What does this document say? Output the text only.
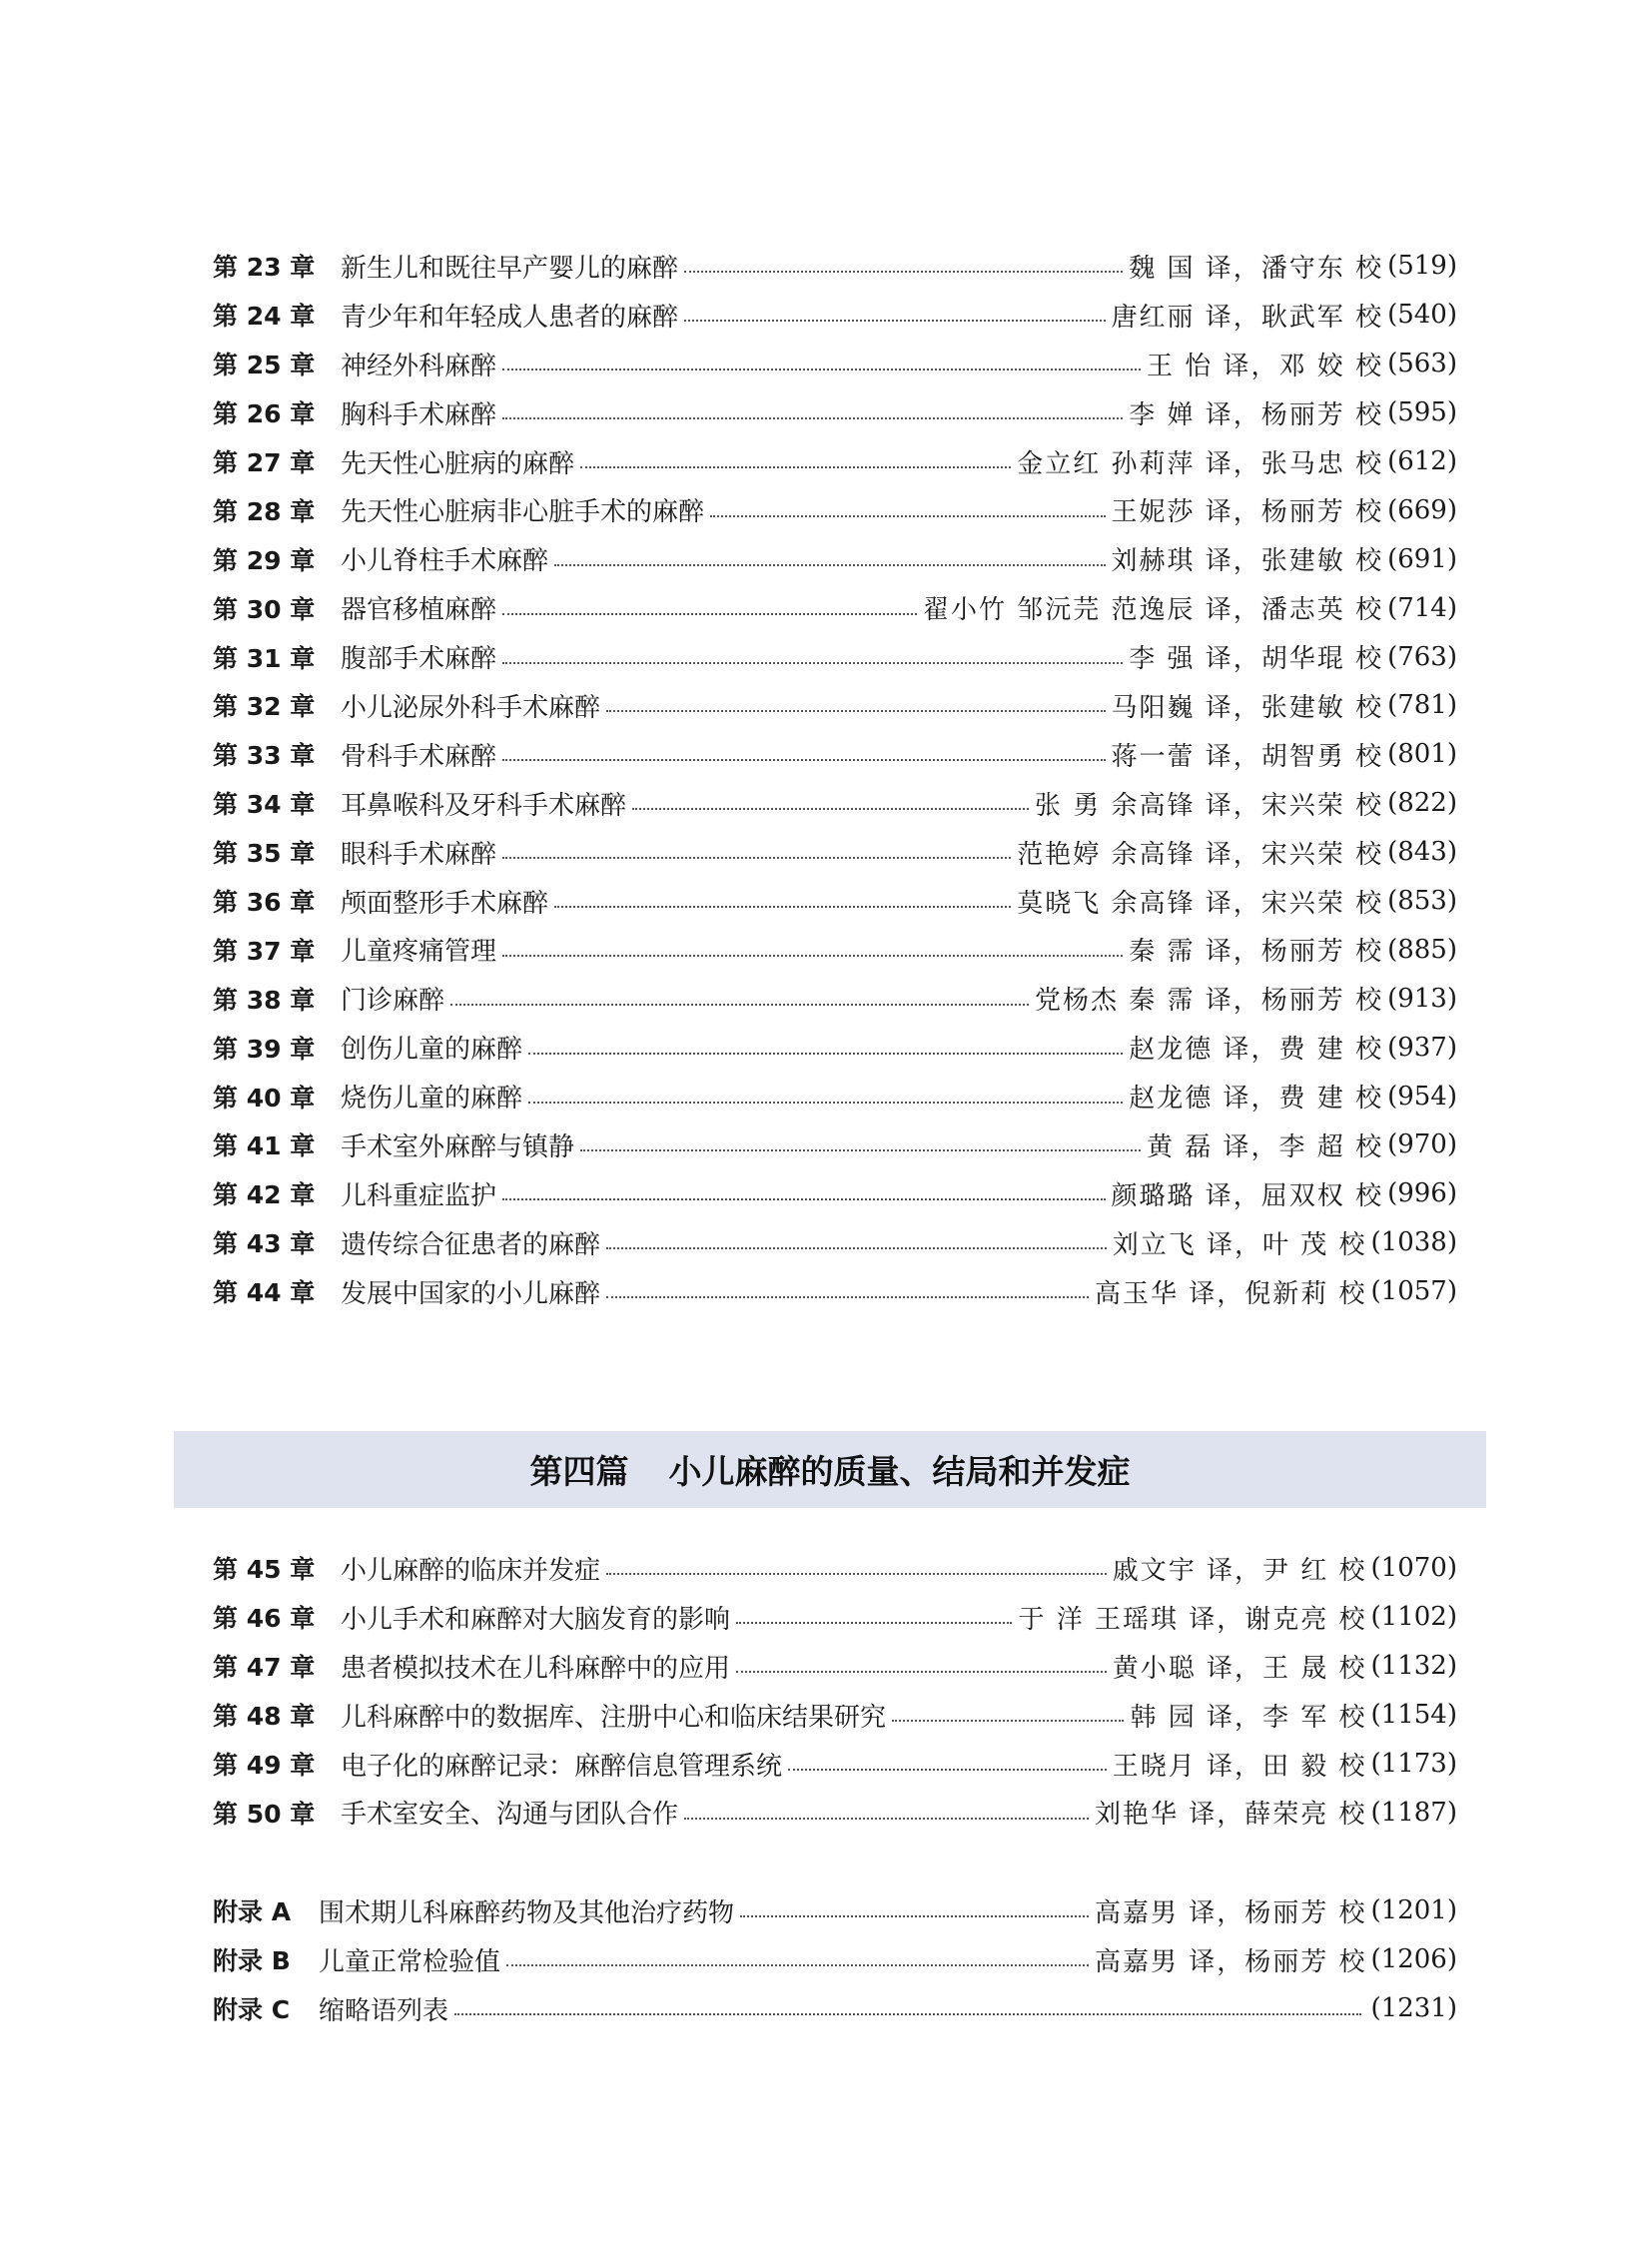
第 23 章 新生儿和既往早产婴儿的麻醉	魏 国 译，潘守东 校 (519)
第 24 章 青少年和年轻成人患者的麻醉	唐红丽 译，耿武军 校 (540)
第 25 章 神经外科麻醉	王 怡 译，邓 姣 校 (563)
第 26 章 胸科手术麻醉	李 婵 译，杨丽芳 校 (595)
第 27 章 先天性心脏病的麻醉	金立红 孙莉萍 译，张马忠 校 (612)
第 28 章 先天性心脏病非心脏手术的麻醉	王妮莎 译，杨丽芳 校 (669)
第 29 章 小儿脊柱手术麻醉	刘赫琪 译，张建敏 校 (691)
第 30 章 器官移植麻醉	翟小竹 邹沅芫 范逸辰 译，潘志英 校 (714)
第 31 章 腹部手术麻醉	李 强 译，胡华琨 校 (763)
第 32 章 小儿泌尿外科手术麻醉	马阳巍 译，张建敏 校 (781)
第 33 章 骨科手术麻醉	蒋一蕾 译，胡智勇 校 (801)
第 34 章 耳鼻喉科及牙科手术麻醉	张 勇 余高锋 译，宋兴荣 校 (822)
第 35 章 眼科手术麻醉	范艳婷 余高锋 译，宋兴荣 校 (843)
第 36 章 颅面整形手术麻醉	莫晓飞 余高锋 译，宋兴荣 校 (853)
第 37 章 儿童疼痛管理	秦 霈 译，杨丽芳 校 (885)
第 38 章 门诊麻醉	党杨杰 秦 霈 译，杨丽芳 校 (913)
第 39 章 创伤儿童的麻醉	赵龙德 译，费 建 校 (937)
第 40 章 烧伤儿童的麻醉	赵龙德 译，费 建 校 (954)
第 41 章 手术室外麻醉与镇静	黄 磊 译，李 超 校 (970)
第 42 章 儿科重症监护	颜璐璐 译，屈双权 校 (996)
第 43 章 遗传综合征患者的麻醉	刘立飞 译，叶 茂 校 (1038)
第 44 章 发展中国家的小儿麻醉	高玉华 译，倪新莉 校 (1057)
第四篇 小儿麻醉的质量、结局和并发症
第 45 章 小儿麻醉的临床并发症	戚文宇 译，尹 红 校 (1070)
第 46 章 小儿手术和麻醉对大脑发育的影响	于 洋 王瑶琪 译，谢克亮 校 (1102)
第 47 章 患者模拟技术在儿科麻醉中的应用	黄小聪 译，王 晟 校 (1132)
第 48 章 儿科麻醉中的数据库、注册中心和临床结果研究	韩 园 译，李 军 校 (1154)
第 49 章 电子化的麻醉记录：麻醉信息管理系统	王晓月 译，田 毅 校 (1173)
第 50 章 手术室安全、沟通与团队合作	刘艳华 译，薛荣亮 校 (1187)
附录 A	围术期儿科麻醉药物及其他治疗药物	高嘉男 译，杨丽芳 校 (1201)
附录 B	儿童正常检验值	高嘉男 译，杨丽芳 校 (1206)
附录 C	缩略语列表	(1231)
